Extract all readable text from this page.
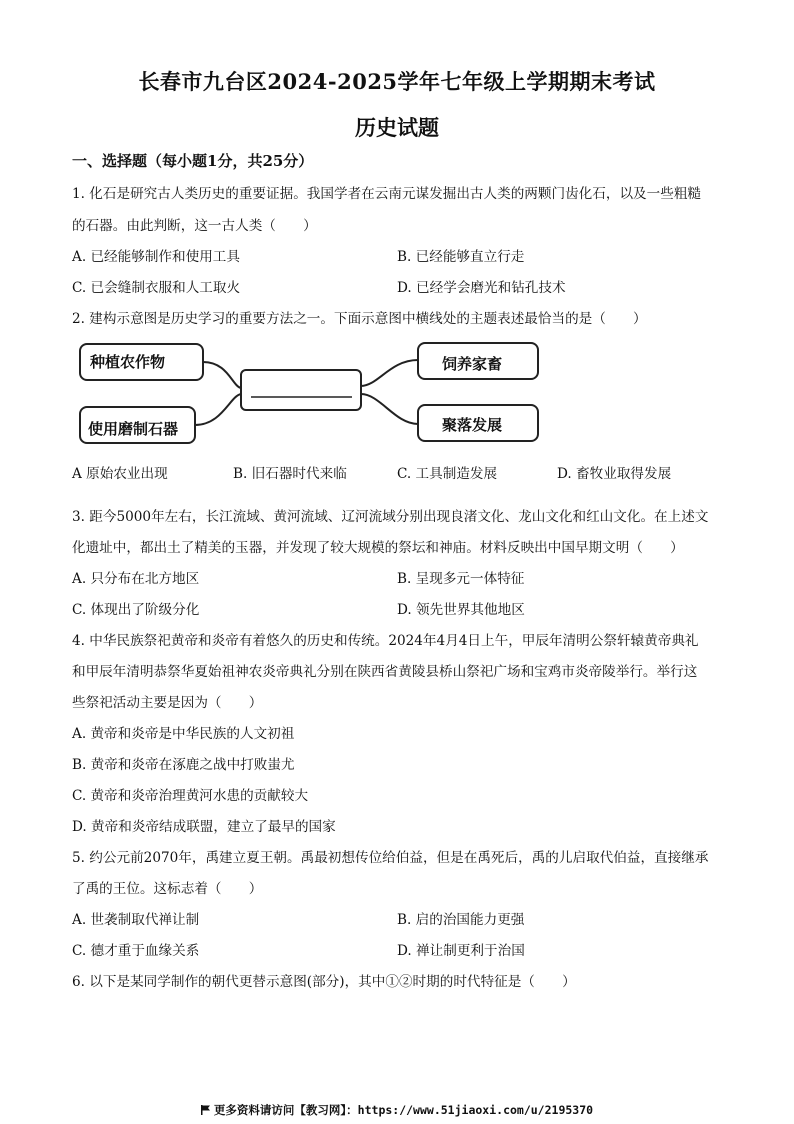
长春市九台区2024-2025学年七年级上学期期末考试
历史试题
一、选择题（每小题1分，共25分）
1. 化石是研究古人类历史的重要证据。我国学者在云南元谋发掘出古人类的两颗门齿化石，以及一些粗糙
的石器。由此判断，这一古人类（　　）
A. 已经能够制作和使用工具	B. 已经能够直立行走
C. 已会缝制衣服和人工取火	D. 已经学会磨光和钻孔技术
2. 建构示意图是历史学习的重要方法之一。下面示意图中横线处的主题表述最恰当的是（　　）
种植农作物
使用磨制石器
饲养家畜
聚落发展
A 原始农业出现	B. 旧石器时代来临	C. 工具制造发展	D. 畜牧业取得发展
3. 距今5000年左右，长江流域、黄河流域、辽河流域分别出现良渚文化、龙山文化和红山文化。在上述文
化遗址中，都出土了精美的玉器，并发现了较大规模的祭坛和神庙。材料反映出中国早期文明（　　）
A. 只分布在北方地区	B. 呈现多元一体特征
C. 体现出了阶级分化	D. 领先世界其他地区
4. 中华民族祭祀黄帝和炎帝有着悠久的历史和传统。2024年4月4日上午，甲辰年清明公祭轩辕黄帝典礼
和甲辰年清明恭祭华夏始祖神农炎帝典礼分别在陕西省黄陵县桥山祭祀广场和宝鸡市炎帝陵举行。举行这
些祭祀活动主要是因为（　　）
A. 黄帝和炎帝是中华民族的人文初祖
B. 黄帝和炎帝在涿鹿之战中打败蚩尤
C. 黄帝和炎帝治理黄河水患的贡献较大
D. 黄帝和炎帝结成联盟，建立了最早的国家
5. 约公元前2070年，禹建立夏王朝。禹最初想传位给伯益，但是在禹死后，禹的儿启取代伯益，直接继承
了禹的王位。这标志着（　　）
A. 世袭制取代禅让制	B. 启的治国能力更强
C. 德才重于血缘关系	D. 禅让制更利于治国
6. 以下是某同学制作的朝代更替示意图(部分)，其中①②时期的时代特征是（　　）
更多资料请访问【教习网】：https://www.51jiaoxi.com/u/2195370
